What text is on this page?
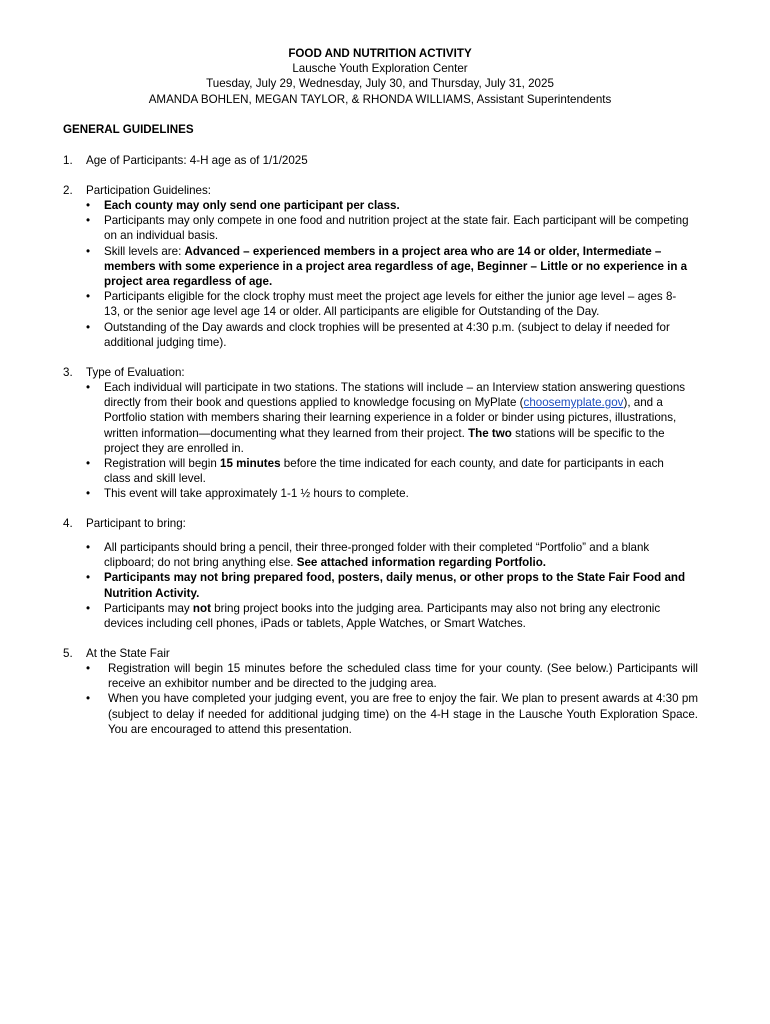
FOOD AND NUTRITION ACTIVITY
Lausche Youth Exploration Center
Tuesday, July 29, Wednesday, July 30, and Thursday, July 31, 2025
AMANDA BOHLEN, MEGAN TAYLOR, & RHONDA WILLIAMS, Assistant Superintendents
GENERAL GUIDELINES
1. Age of Participants: 4-H age as of 1/1/2025
2. Participation Guidelines:
• Each county may only send one participant per class.
• Participants may only compete in one food and nutrition project at the state fair. Each participant will be competing on an individual basis.
• Skill levels are: Advanced – experienced members in a project area who are 14 or older, Intermediate – members with some experience in a project area regardless of age, Beginner – Little or no experience in a project area regardless of age.
• Participants eligible for the clock trophy must meet the project age levels for either the junior age level – ages 8-13, or the senior age level age 14 or older. All participants are eligible for Outstanding of the Day.
• Outstanding of the Day awards and clock trophies will be presented at 4:30 p.m. (subject to delay if needed for additional judging time).
3. Type of Evaluation:
• Each individual will participate in two stations. The stations will include – an Interview station answering questions directly from their book and questions applied to knowledge focusing on MyPlate (choosemyplate.gov), and a Portfolio station with members sharing their learning experience in a folder or binder using pictures, illustrations, written information—documenting what they learned from their project. The two stations will be specific to the project they are enrolled in.
• Registration will begin 15 minutes before the time indicated for each county, and date for participants in each class and skill level.
• This event will take approximately 1-1 ½ hours to complete.
4. Participant to bring:
• All participants should bring a pencil, their three-pronged folder with their completed “Portfolio” and a blank clipboard; do not bring anything else. See attached information regarding Portfolio.
• Participants may not bring prepared food, posters, daily menus, or other props to the State Fair Food and Nutrition Activity.
• Participants may not bring project books into the judging area. Participants may also not bring any electronic devices including cell phones, iPads or tablets, Apple Watches, or Smart Watches.
5. At the State Fair
• Registration will begin 15 minutes before the scheduled class time for your county. (See below.) Participants will receive an exhibitor number and be directed to the judging area.
• When you have completed your judging event, you are free to enjoy the fair. We plan to present awards at 4:30 pm (subject to delay if needed for additional judging time) on the 4-H stage in the Lausche Youth Exploration Space. You are encouraged to attend this presentation.
